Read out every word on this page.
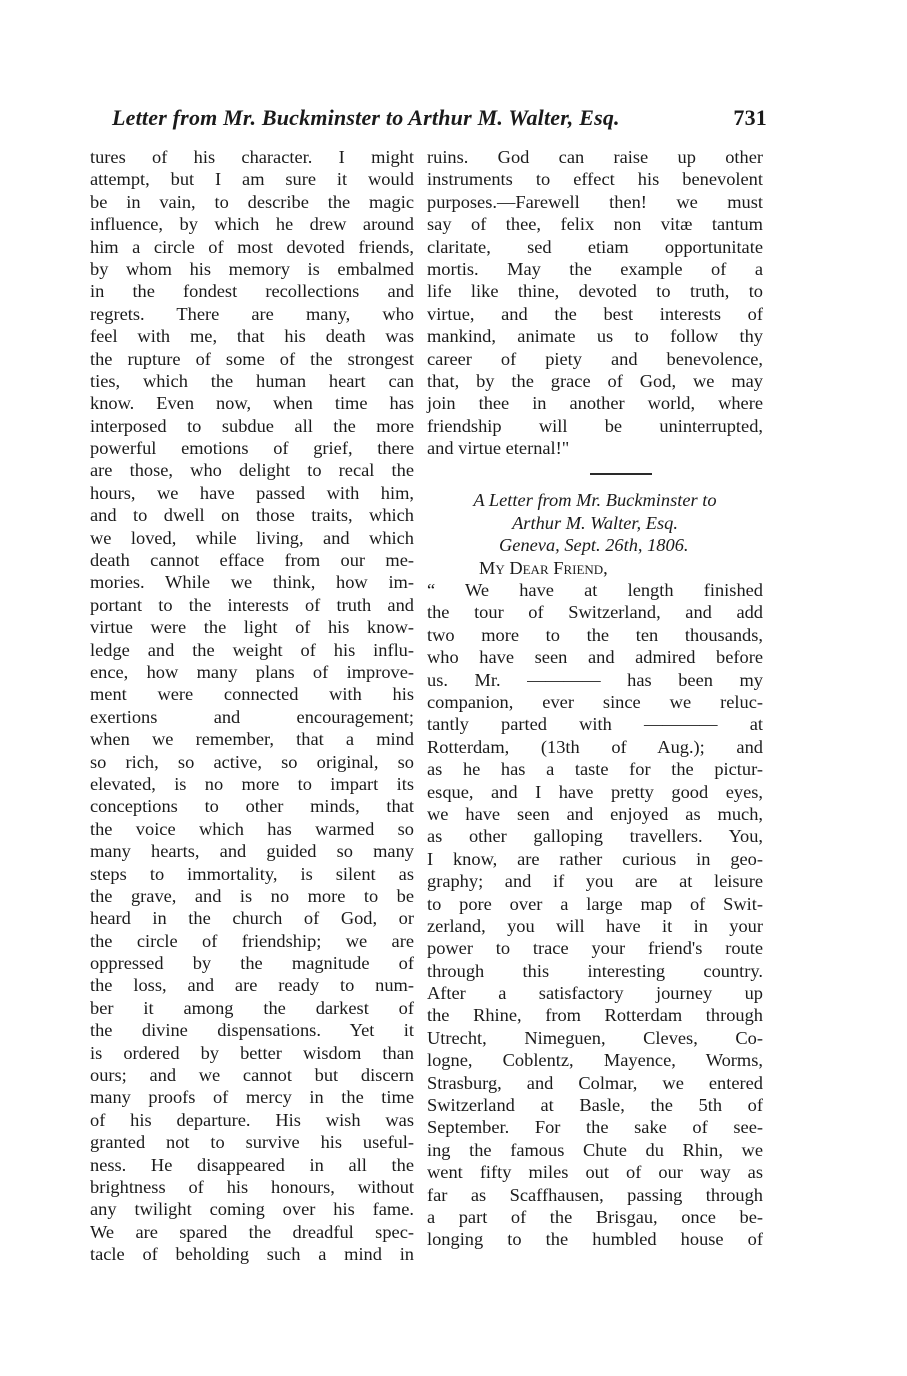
Letter from Mr. Buckminster to Arthur M. Walter, Esq.	731
tures of his character. I might
attempt, but I am sure it would
be in vain, to describe the magic
influence, by which he drew around
him a circle of most devoted friends,
by whom his memory is embalmed
in the fondest recollections and
regrets. There are many, who
feel with me, that his death was
the rupture of some of the strongest
ties, which the human heart can
know. Even now, when time has
interposed to subdue all the more
powerful emotions of grief, there
are those, who delight to recal the
hours, we have passed with him,
and to dwell on those traits, which
we loved, while living, and which
death cannot efface from our me-
mories. While we think, how im-
portant to the interests of truth and
virtue were the light of his know-
ledge and the weight of his influ-
ence, how many plans of improve-
ment were connected with his
exertions and encouragement;
when we remember, that a mind
so rich, so active, so original, so
elevated, is no more to impart its
conceptions to other minds, that
the voice which has warmed so
many hearts, and guided so many
steps to immortality, is silent as
the grave, and is no more to be
heard in the church of God, or
the circle of friendship; we are
oppressed by the magnitude of
the loss, and are ready to num-
ber it among the darkest of
the divine dispensations. Yet it
is ordered by better wisdom than
ours; and we cannot but discern
many proofs of mercy in the time
of his departure. His wish was
granted not to survive his useful-
ness. He disappeared in all the
brightness of his honours, without
any twilight coming over his fame.
We are spared the dreadful spec-
tacle of beholding such a mind in
ruins. God can raise up other
instruments to effect his benevolent
purposes.—Farewell then! we must
say of thee, felix non vitæ tantum
claritate, sed etiam opportunitate
mortis. May the example of a
life like thine, devoted to truth, to
virtue, and the best interests of
mankind, animate us to follow thy
career of piety and benevolence,
that, by the grace of God, we may
join thee in another world, where
friendship will be uninterrupted,
and virtue eternal!"
A Letter from Mr. Buckminster to
Arthur M. Walter, Esq.
Geneva, Sept. 26th, 1806.
My Dear Friend,
“ We have at length finished
the tour of Switzerland, and add
two more to the ten thousands,
who have seen and admired before
us. Mr. ———— has been my
companion, ever since we reluc-
tantly parted with ———— at
Rotterdam, (13th of Aug.); and
as he has a taste for the pictur-
esque, and I have pretty good eyes,
we have seen and enjoyed as much,
as other galloping travellers. You,
I know, are rather curious in geo-
graphy; and if you are at leisure
to pore over a large map of Swit-
zerland, you will have it in your
power to trace your friend's route
through this interesting country.
After a satisfactory journey up
the Rhine, from Rotterdam through
Utrecht, Nimeguen, Cleves, Co-
logne, Coblentz, Mayence, Worms,
Strasburg, and Colmar, we entered
Switzerland at Basle, the 5th of
September. For the sake of see-
ing the famous Chute du Rhin, we
went fifty miles out of our way as
far as Scaffhausen, passing through
a part of the Brisgau, once be-
longing to the humbled house of
